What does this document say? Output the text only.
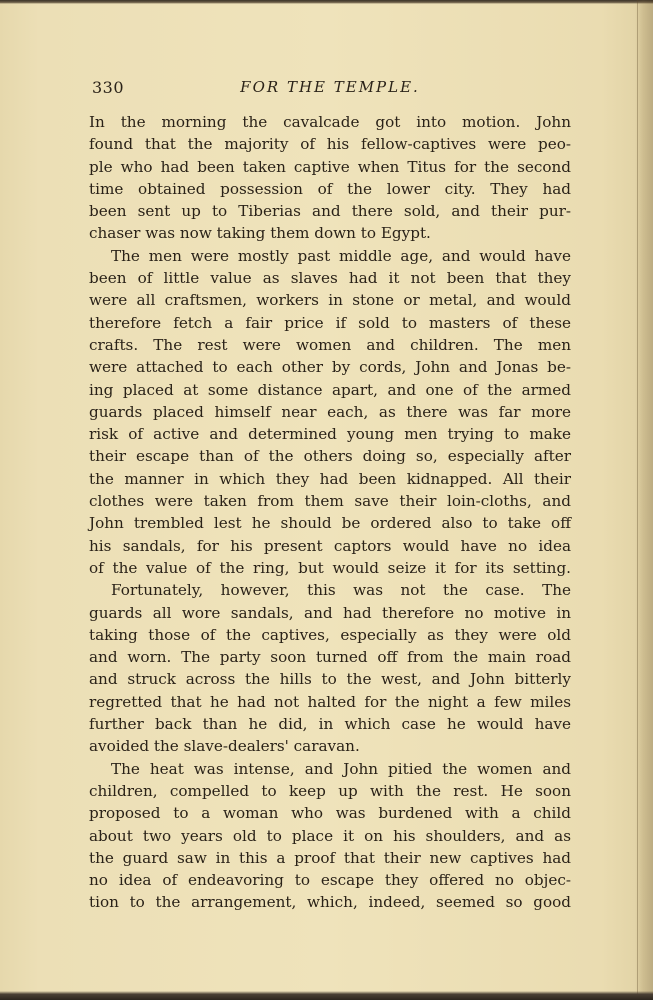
330	FOR THE TEMPLE.
In the morning the cavalcade got into motion. John
found that the majority of his fellow-captives were peo-
ple who had been taken captive when Titus for the second
time obtained possession of the lower city. They had
been sent up to Tiberias and there sold, and their pur-
chaser was now taking them down to Egypt.
The men were mostly past middle age, and would have
been of little value as slaves had it not been that they
were all craftsmen, workers in stone or metal, and would
therefore fetch a fair price if sold to masters of these
crafts. The rest were women and children. The men
were attached to each other by cords, John and Jonas be-
ing placed at some distance apart, and one of the armed
guards placed himself near each, as there was far more
risk of active and determined young men trying to make
their escape than of the others doing so, especially after
the manner in which they had been kidnapped. All their
clothes were taken from them save their loin-cloths, and
John trembled lest he should be ordered also to take off
his sandals, for his present captors would have no idea
of the value of the ring, but would seize it for its setting.
Fortunately, however, this was not the case. The
guards all wore sandals, and had therefore no motive in
taking those of the captives, especially as they were old
and worn. The party soon turned off from the main road
and struck across the hills to the west, and John bitterly
regretted that he had not halted for the night a few miles
further back than he did, in which case he would have
avoided the slave-dealers' caravan.
The heat was intense, and John pitied the women and
children, compelled to keep up with the rest. He soon
proposed to a woman who was burdened with a child
about two years old to place it on his shoulders, and as
the guard saw in this a proof that their new captives had
no idea of endeavoring to escape they offered no objec-
tion to the arrangement, which, indeed, seemed so good
